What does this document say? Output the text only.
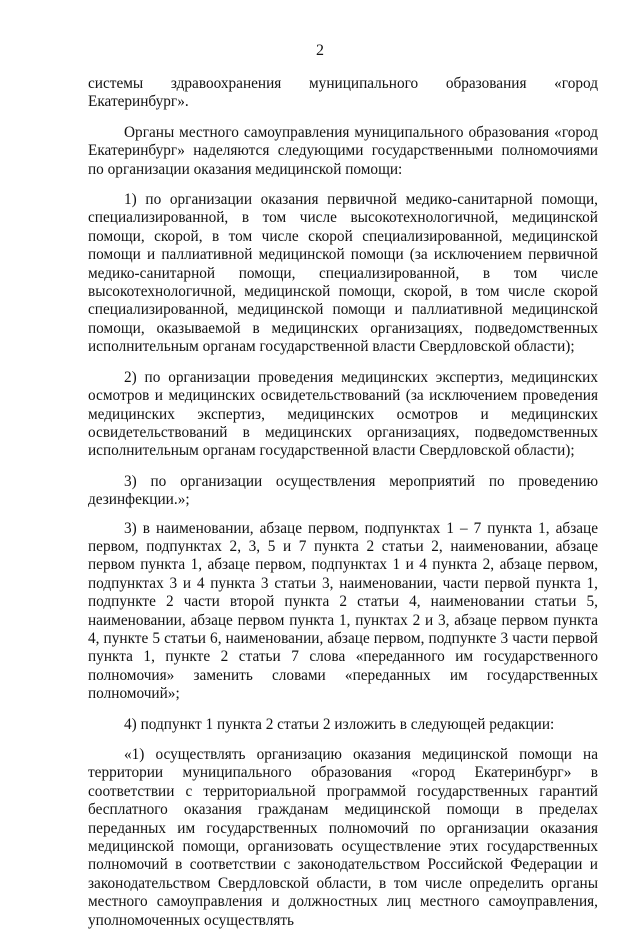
2

системы здравоохранения муниципального образования «город Екатеринбург».

Органы местного самоуправления муниципального образования «город Екатеринбург» наделяются следующими государственными полномочиями по организации оказания медицинской помощи:

1) по организации оказания первичной медико-санитарной помощи, специализированной, в том числе высокотехнологичной, медицинской помощи, скорой, в том числе скорой специализированной, медицинской помощи и паллиативной медицинской помощи (за исключением первичной медико-санитарной помощи, специализированной, в том числе высокотехнологичной, медицинской помощи, скорой, в том числе скорой специализированной, медицинской помощи и паллиативной медицинской помощи, оказываемой в медицинских организациях, подведомственных исполнительным органам государственной власти Свердловской области);

2) по организации проведения медицинских экспертиз, медицинских осмотров и медицинских освидетельствований (за исключением проведения медицинских экспертиз, медицинских осмотров и медицинских освидетельствований в медицинских организациях, подведомственных исполнительным органам государственной власти Свердловской области);

3) по организации осуществления мероприятий по проведению дезинфекции.»;

3) в наименовании, абзаце первом, подпунктах 1 – 7 пункта 1, абзаце первом, подпунктах 2, 3, 5 и 7 пункта 2 статьи 2, наименовании, абзаце первом пункта 1, абзаце первом, подпунктах 1 и 4 пункта 2, абзаце первом, подпунктах 3 и 4 пункта 3 статьи 3, наименовании, части первой пункта 1, подпункте 2 части второй пункта 2 статьи 4, наименовании статьи 5, наименовании, абзаце первом пункта 1, пунктах 2 и 3, абзаце первом пункта 4, пункте 5 статьи 6, наименовании, абзаце первом, подпункте 3 части первой пункта 1, пункте 2 статьи 7 слова «переданного им государственного полномочия» заменить словами «переданных им государственных полномочий»;

4) подпункт 1 пункта 2 статьи 2 изложить в следующей редакции:

«1) осуществлять организацию оказания медицинской помощи на территории муниципального образования «город Екатеринбург» в соответствии с территориальной программой государственных гарантий бесплатного оказания гражданам медицинской помощи в пределах переданных им государственных полномочий по организации оказания медицинской помощи, организовать осуществление этих государственных полномочий в соответствии с законодательством Российской Федерации и законодательством Свердловской области, в том числе определить органы местного самоуправления и должностных лиц местного самоуправления, уполномоченных осуществлять
